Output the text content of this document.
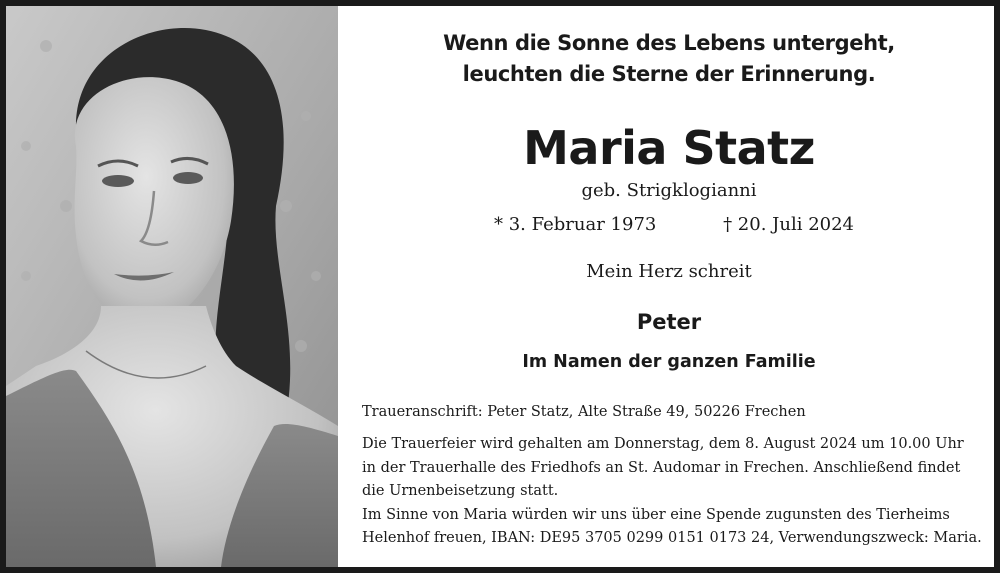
Wenn die Sonne des Lebens untergeht,
leuchten die Sterne der Erinnerung.
Maria Statz
geb. Strigklogianni
* 3. Februar 1973	† 20. Juli 2024
Mein Herz schreit
Peter
Im Namen der ganzen Familie
Traueranschrift: Peter Statz, Alte Straße 49, 50226 Frechen
Die Trauerfeier wird gehalten am Donnerstag, dem 8. August 2024 um 10.00 Uhr
in der Trauerhalle des Friedhofs an St. Audomar in Frechen. Anschließend findet
die Urnenbeisetzung statt.
Im Sinne von Maria würden wir uns über eine Spende zugunsten des Tierheims
Helenhof freuen, IBAN: DE95 3705 0299 0151 0173 24, Verwendungszweck: Maria.
